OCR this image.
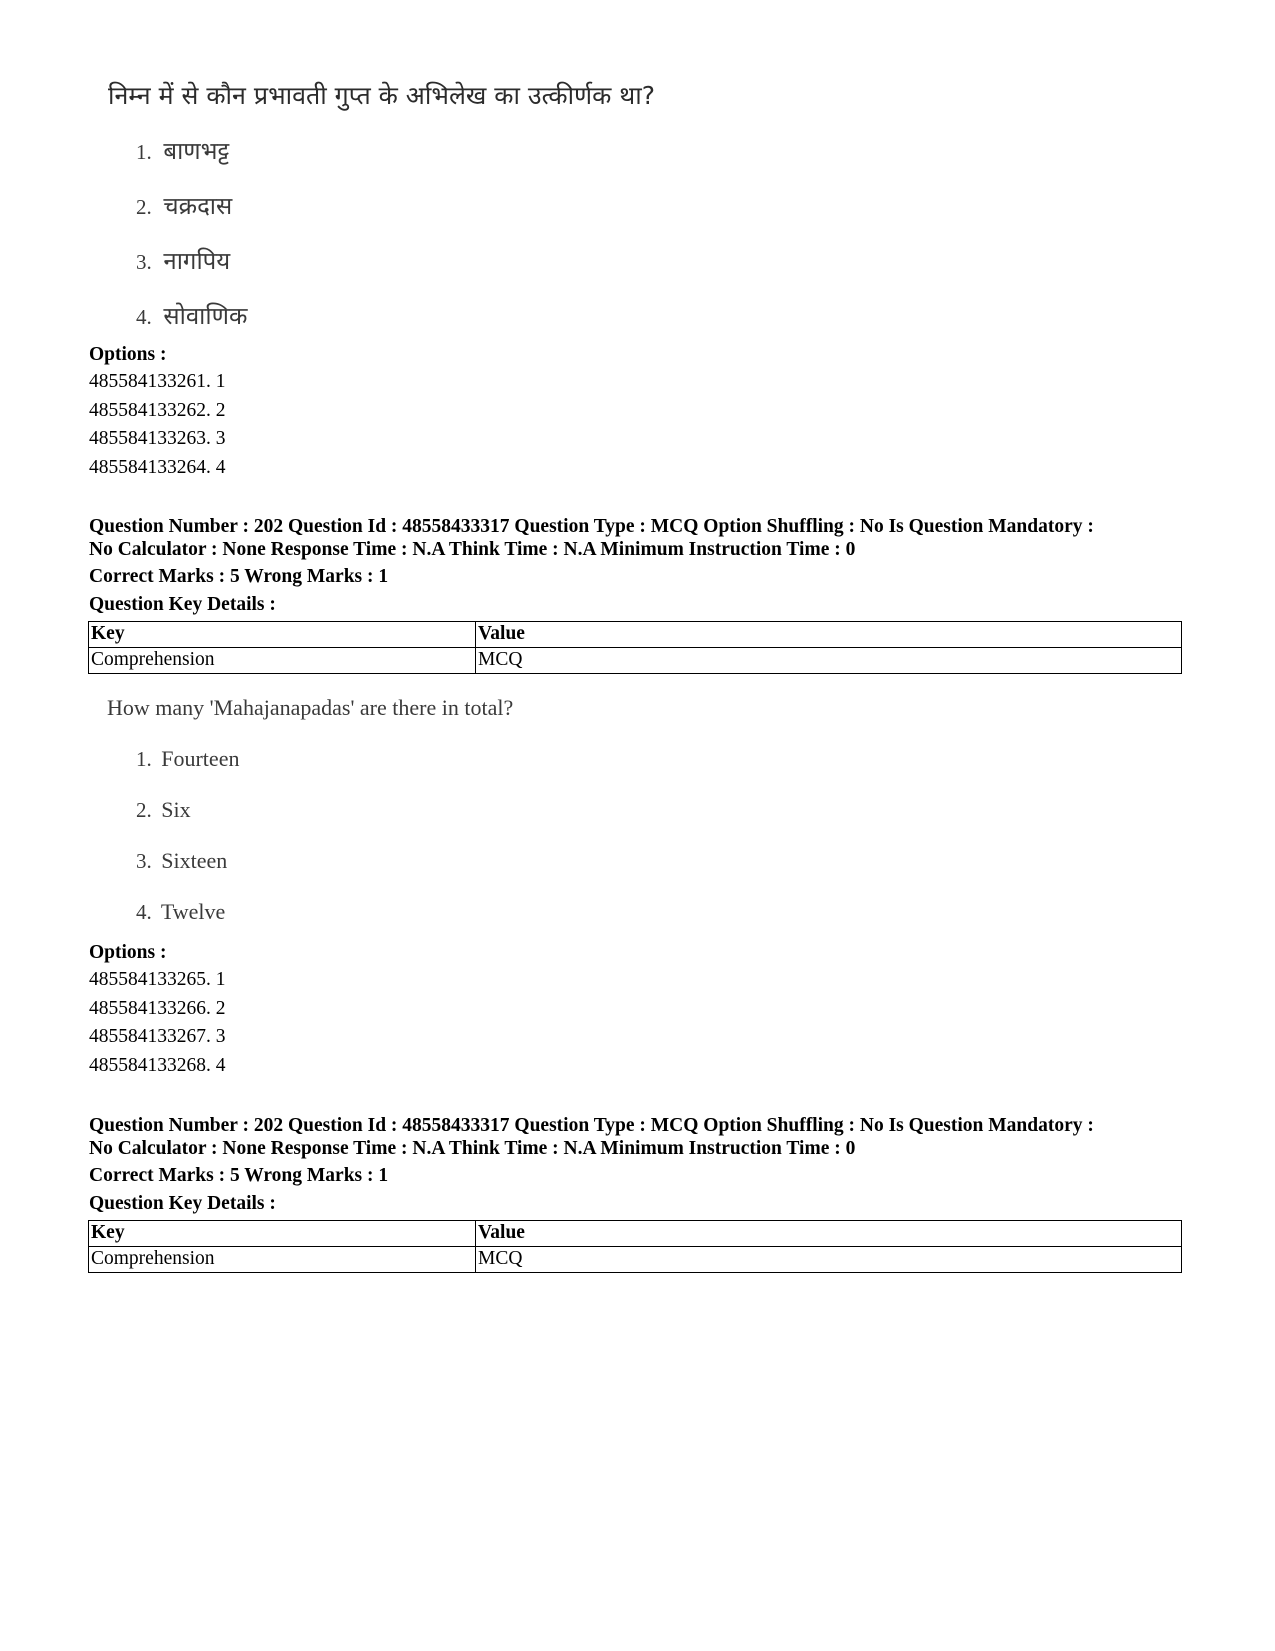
निम्न में से कौन प्रभावती गुप्त के अभिलेख का उत्कीर्णक था?
1. बाणभट्ट
2. चक्रदास
3. नागपिय
4. सोवाणिक
Options :
485584133261. 1
485584133262. 2
485584133263. 3
485584133264. 4
Question Number : 202 Question Id : 48558433317 Question Type : MCQ Option Shuffling : No Is Question Mandatory :
No Calculator : None Response Time : N.A Think Time : N.A Minimum Instruction Time : 0
Correct Marks : 5 Wrong Marks : 1
Question Key Details :
Key	Value
Comprehension	MCQ
How many 'Mahajanapadas' are there in total?
1. Fourteen
2. Six
3. Sixteen
4. Twelve
Options :
485584133265. 1
485584133266. 2
485584133267. 3
485584133268. 4
Question Number : 202 Question Id : 48558433317 Question Type : MCQ Option Shuffling : No Is Question Mandatory :
No Calculator : None Response Time : N.A Think Time : N.A Minimum Instruction Time : 0
Correct Marks : 5 Wrong Marks : 1
Question Key Details :
Key	Value
Comprehension	MCQ
